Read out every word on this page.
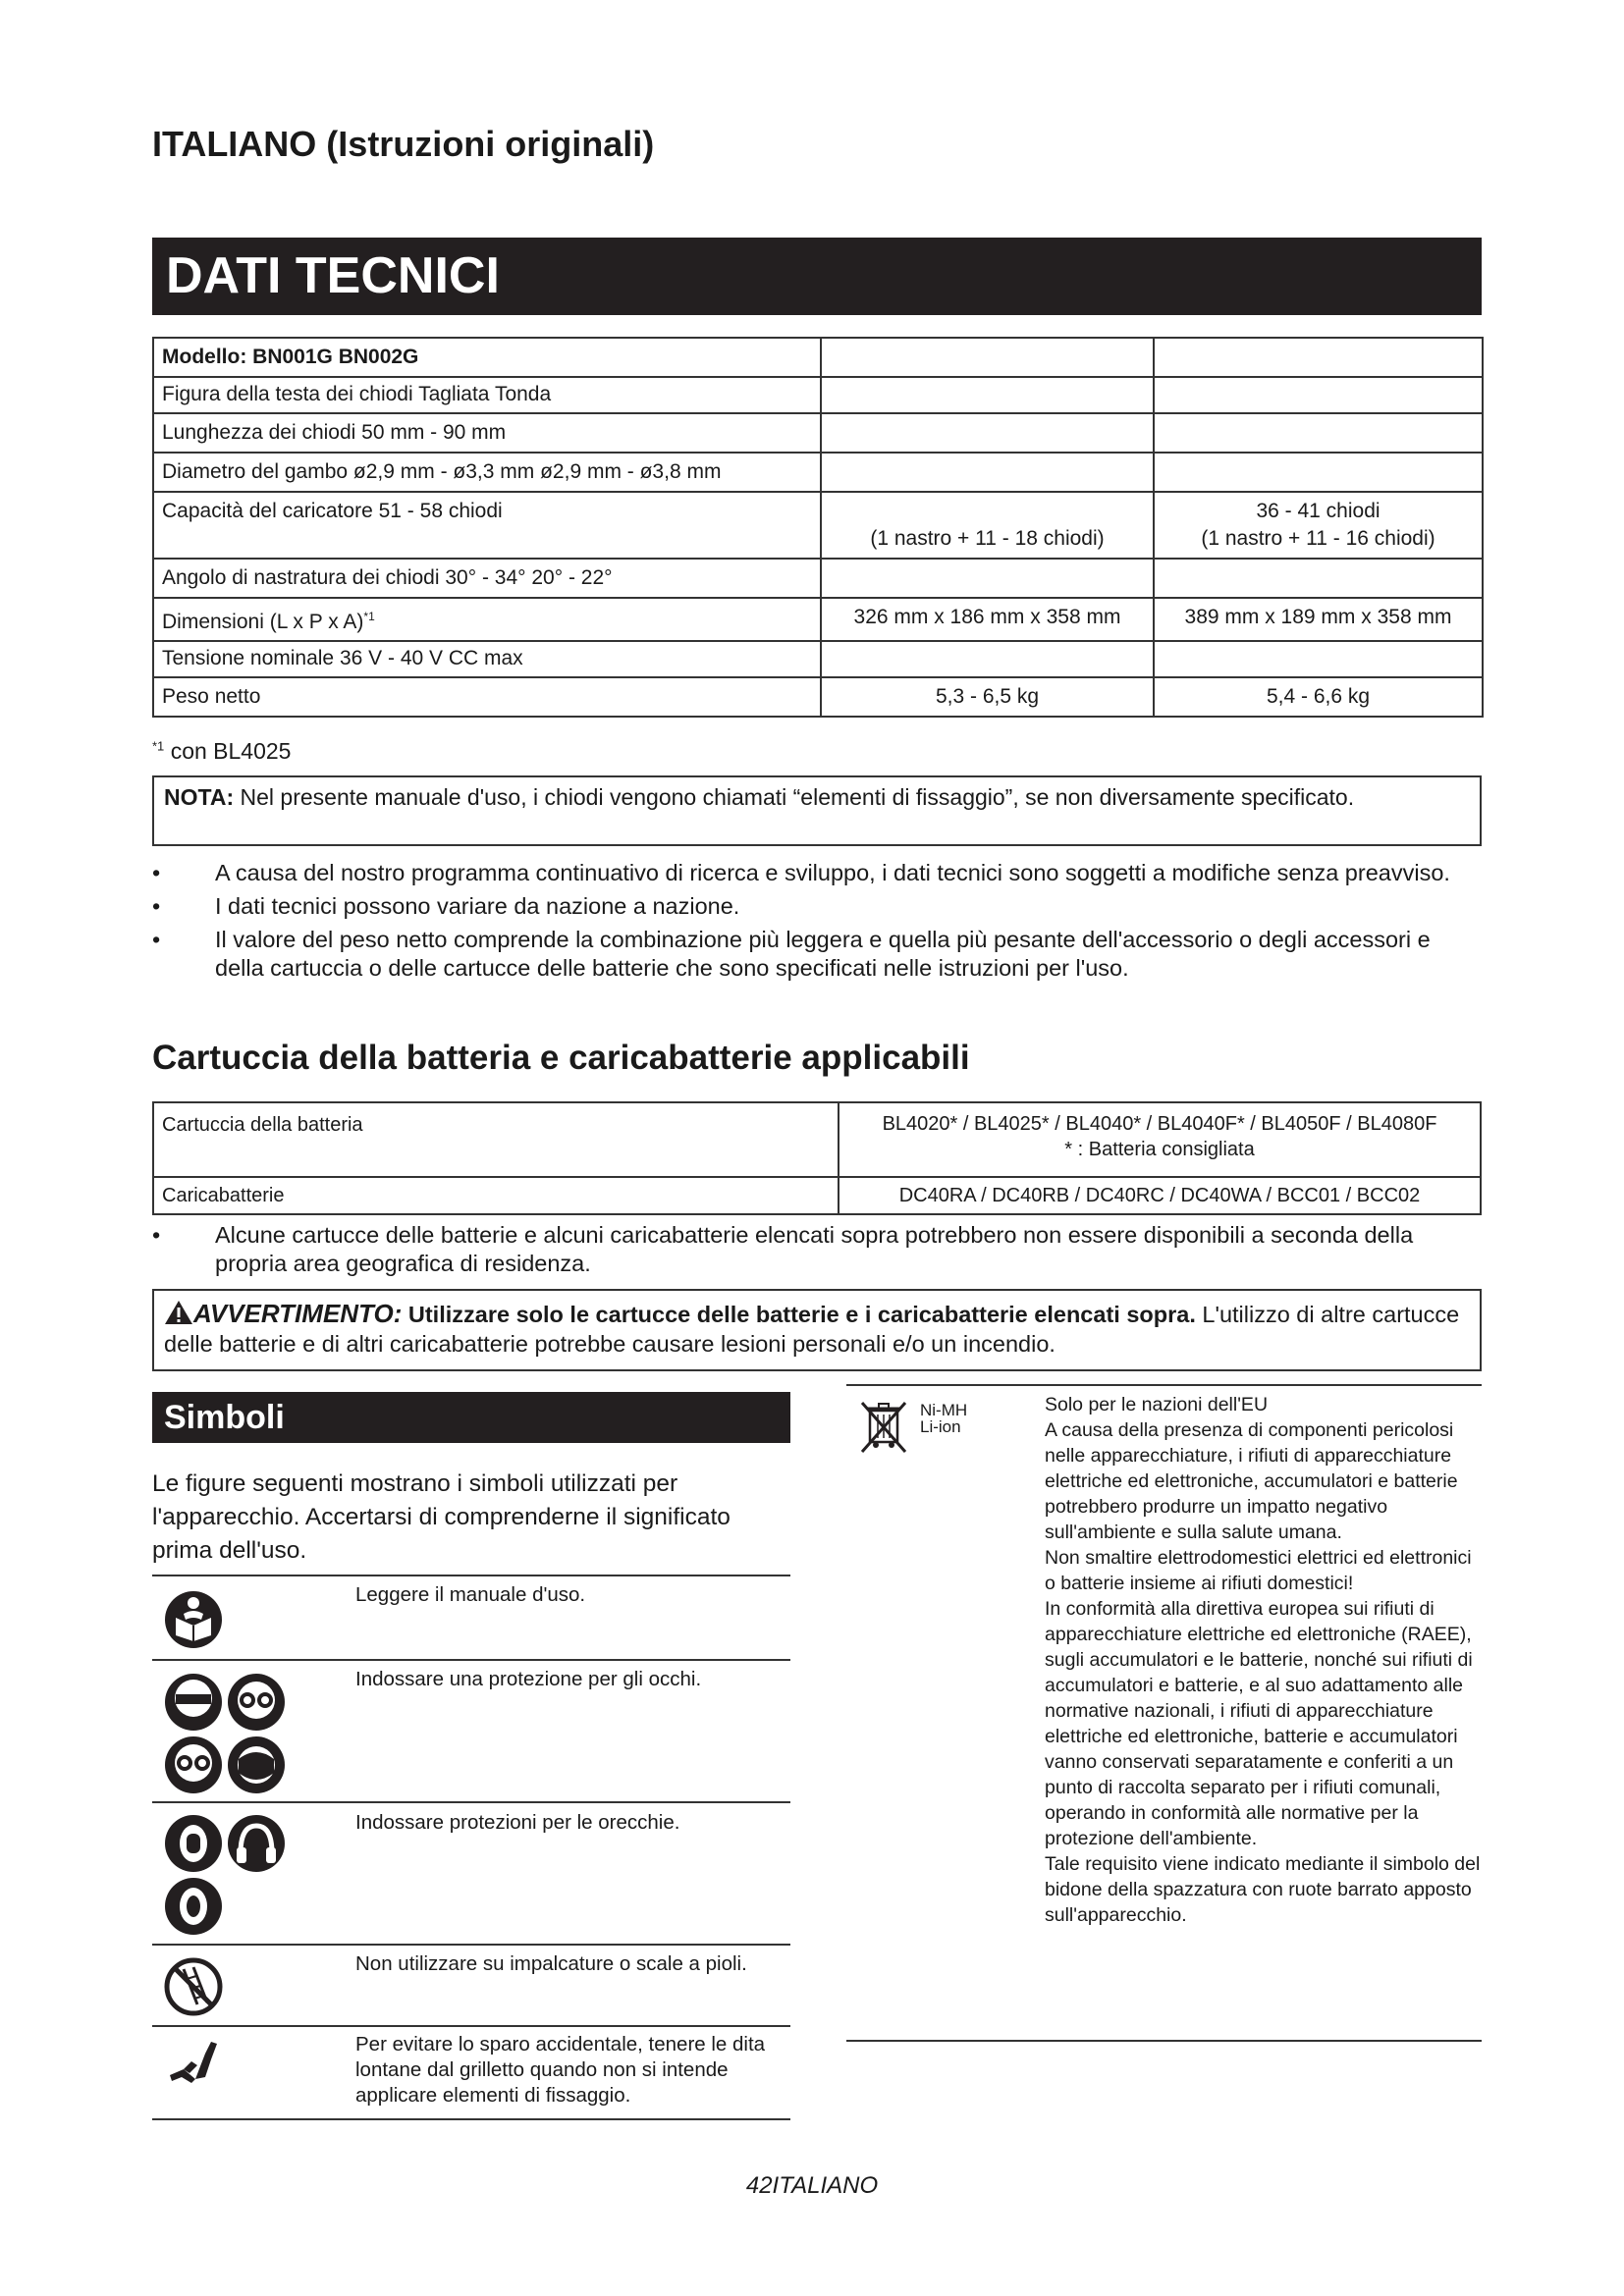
ITALIANO (Istruzioni originali)
DATI TECNICI
Modello: BN001G BN002G		
Figura della testa dei chiodi Tagliata Tonda		
Lunghezza dei chiodi 50 mm - 90 mm		
Diametro del gambo ø2,9 mm - ø3,3 mm ø2,9 mm - ø3,8 mm		

Capacità del caricatore 51 - 58 chiodi	(1 nastro + 11 - 18 chiodi)	36 - 41 chiodi
(1 nastro + 11 - 16 chiodi)

Angolo di nastratura dei chiodi 30° - 34° 20° - 22°		
Dimensioni (L x P x A)$^{*1}$	326 mm x 186 mm x 358 mm	389 mm x 189 mm x 358 mm
Tensione nominale 36 V - 40 V CC max		
Peso netto	5,3 - 6,5 kg	5,4 - 6,6 kg
$^{*1}$ con BL4025
NOTA: Nel presente manuale d'uso, i chiodi vengono chiamati “elementi di fissaggio”, se non diversamente specificato.
• A causa del nostro programma continuativo di ricerca e sviluppo, i dati tecnici sono soggetti a modifiche senza preavviso.
• I dati tecnici possono variare da nazione a nazione.
• Il valore del peso netto comprende la combinazione più leggera e quella più pesante dell'accessorio o degli accessori e della cartuccia o delle cartucce delle batterie che sono specificati nelle istruzioni per l'uso.
Cartuccia della batteria e caricabatterie applicabili
Cartuccia della batteria	BL4020* / BL4025* / BL4040* / BL4040F* / BL4050F / BL4080F
* : Batteria consigliata

Caricabatterie	DC40RA / DC40RB / DC40RC / DC40WA / BCC01 / BCC02
• Alcune cartucce delle batterie e alcuni caricabatterie elencati sopra potrebbero non essere disponibili a seconda della propria area geografica di residenza.
AVVERTIMENTO: Utilizzare solo le cartucce delle batterie e i caricabatterie elencati sopra. L'utilizzo di altre cartucce delle batterie e di altri caricabatterie potrebbe causare lesioni personali e/o un incendio.
Simboli
Le figure seguenti mostrano i simboli utilizzati per l'apparecchio. Accertarsi di comprenderne il significato prima dell'uso.
Leggere il manuale d'uso.
Indossare una protezione per gli occhi.
Indossare protezioni per le orecchie.
Non utilizzare su impalcature o scale a pioli.
Per evitare lo sparo accidentale, tenere le dita lontane dal grilletto quando non si intende applicare elementi di fissaggio.
Ni-MH
Li-ion
Solo per le nazioni dell'EU
A causa della presenza di componenti pericolosi nelle apparecchiature, i rifiuti di apparecchiature elettriche ed elettroniche, accumulatori e batterie potrebbero produrre un impatto negativo sull'ambiente e sulla salute umana.
Non smaltire elettrodomestici elettrici ed elettronici o batterie insieme ai rifiuti domestici!
In conformità alla direttiva europea sui rifiuti di apparecchiature elettriche ed elettroniche (RAEE), sugli accumulatori e le batterie, nonché sui rifiuti di accumulatori e batterie, e al suo adattamento alle normative nazionali, i rifiuti di apparecchiature elettriche ed elettroniche, batterie e accumulatori vanno conservati separatamente e conferiti a un punto di raccolta separato per i rifiuti comunali, operando in conformità alle normative per la protezione dell'ambiente.
Tale requisito viene indicato mediante il simbolo del bidone della spazzatura con ruote barrato apposto sull'apparecchio.
42ITALIANO
